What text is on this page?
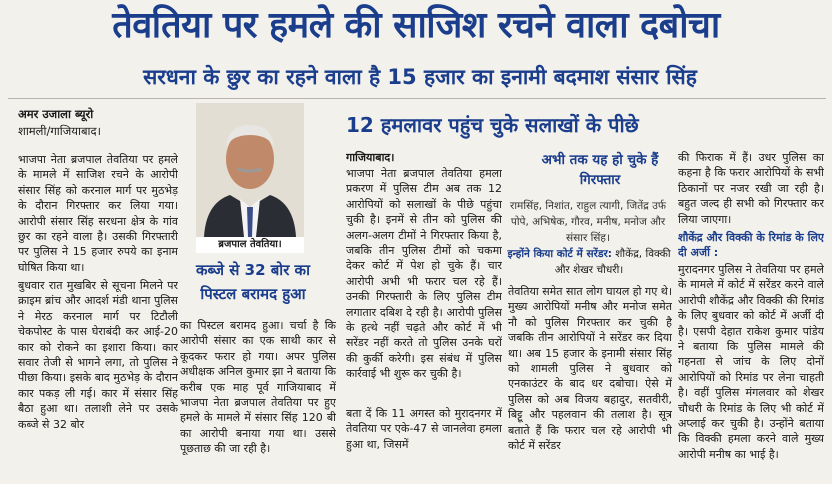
तेवतिया पर हमले की साजिश रचने वाला दबोचा
सरधना के छुर का रहने वाला है 15 हजार का इनामी बदमाश संसार सिंह
अमर उजाला ब्यूरो
शामली/गाजियाबाद।
भाजपा नेता ब्रजपाल तेवतिया पर हमले के मामले में साजिश रचने के आरोपी संसार सिंह को करनाल मार्ग पर मुठभेड़ के दौरान गिरफ्तार कर लिया गया। आरोपी संसार सिंह सरधना क्षेत्र के गांव छुर का रहने वाला है। उसकी गिरफ्तारी पर पुलिस ने 15 हजार रुपये का इनाम घोषित किया था।
बुधवार रात मुखबिर से सूचना मिलने पर क्राइम ब्रांच और आदर्श मंडी थाना पुलिस ने मेरठ करनाल मार्ग पर टिटौली चेकपोस्ट के पास घेराबंदी कर आई-20 कार को रोकने का इशारा किया। कार सवार तेजी से भागने लगा, तो पुलिस ने पीछा किया। इसके बाद मुठभेड़ के दौरान कार पकड़ ली गई। कार में संसार सिंह बैठा हुआ था। तलाशी लेने पर उसके कब्जे से 32 बोर
ब्रजपाल तेवतिया।
कब्जे से 32 बोर का पिस्टल बरामद हुआ
का पिस्टल बरामद हुआ। चर्चा है कि आरोपी संसार का एक साथी कार से कूदकर फरार हो गया। अपर पुलिस अधीक्षक अनिल कुमार झा ने बताया कि करीब एक माह पूर्व गाजियाबाद में भाजपा नेता ब्रजपाल तेवतिया पर हुए हमले के मामले में संसार सिंह 120 बी का आरोपी बनाया गया था। उससे पूछताछ की जा रही है।
12 हमलावर पहुंच चुके सलाखों के पीछे
गाजियाबाद।
भाजपा नेता ब्रजपाल तेवतिया हमला प्रकरण में पुलिस टीम अब तक 12 आरोपियों को सलाखों के पीछे पहुंचा चुकी है। इनमें से तीन को पुलिस की अलग-अलग टीमों ने गिरफ्तार किया है, जबकि तीन पुलिस टीमों को चकमा देकर कोर्ट में पेश हो चुके हैं। चार आरोपी अभी भी फरार चल रहे हैं। उनकी गिरफ्तारी के लिए पुलिस टीम लगातार दबिश दे रही है। आरोपी पुलिस के हत्थे नहीं चढ़ते और कोर्ट में भी सरेंडर नहीं करते तो पुलिस उनके घरों की कुर्की करेगी। इस संबंध में पुलिस कार्रवाई भी शुरू कर चुकी है।
बता दें कि 11 अगस्त को मुरादनगर में तेवतिया पर एके-47 से जानलेवा हमला हुआ था, जिसमें
अभी तक यह हो चुके हैं गिरफ्तार
रामसिंह, निशांत, राहुल त्यागी, जितेंद्र उर्फ पोपे, अभिषेक, गौरव, मनीष, मनोज और संसार सिंह।
इन्होंने किया कोर्ट में सरेंडर: शौकेंद्र, विक्की और शेखर चौधरी।
तेवतिया समेत सात लोग घायल हो गए थे। मुख्य आरोपियों मनीष और मनोज समेत नौ को पुलिस गिरफ्तार कर चुकी है जबकि तीन आरोपियों ने सरेंडर कर दिया था। अब 15 हजार के इनामी संसार सिंह को शामली पुलिस ने बुधवार को एनकाउंटर के बाद धर दबोचा। ऐसे में पुलिस को अब विजय बहादुर, सतवीरी, बिट्टू और पहलवान की तलाश है। सूत्र बताते हैं कि फरार चल रहे आरोपी भी कोर्ट में सरेंडर
की फिराक में हैं। उधर पुलिस का कहना है कि फरार आरोपियों के सभी ठिकानों पर नजर रखी जा रही है। बहुत जल्द ही सभी को गिरफ्तार कर लिया जाएगा।
शौकेंद्र और विक्की के रिमांड के लिए दी अर्जी :
मुरादनगर पुलिस ने तेवतिया पर हमले के मामले में कोर्ट में सरेंडर करने वाले आरोपी शौकेंद्र और विक्की की रिमांड के लिए बुधवार को कोर्ट में अर्जी दी है। एसपी देहात राकेश कुमार पांडेय ने बताया कि पुलिस मामले की गहनता से जांच के लिए दोनों आरोपियों को रिमांड पर लेना चाहती है। वहीं पुलिस मंगलवार को शेखर चौधरी के रिमांड के लिए भी कोर्ट में अप्लाई कर चुकी है। उन्होंने बताया कि विक्की हमला करने वाले मुख्य आरोपी मनीष का भाई है।
